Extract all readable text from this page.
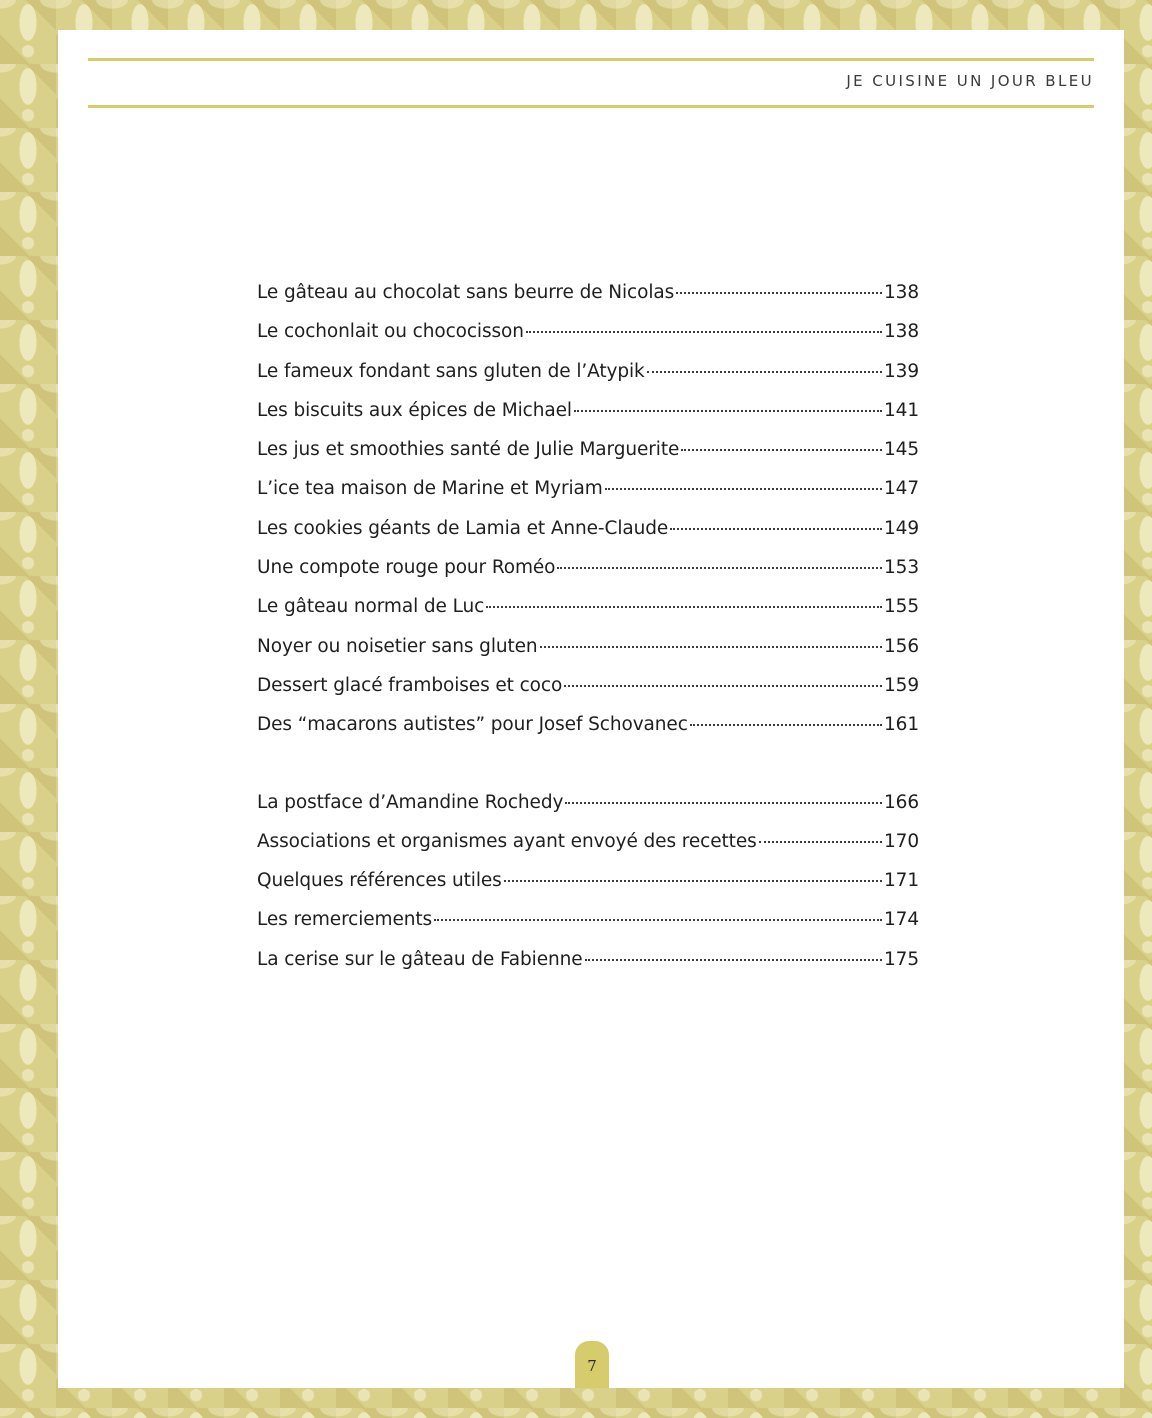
JE CUISINE UN JOUR BLEU
Le gâteau au chocolat sans beurre de Nicolas	138
Le cochonlait ou chococisson	138
Le fameux fondant sans gluten de l’Atypik	139
Les biscuits aux épices de Michael	141
Les jus et smoothies santé de Julie Marguerite	145
L’ice tea maison de Marine et Myriam	147
Les cookies géants de Lamia et Anne-Claude	149
Une compote rouge pour Roméo	153
Le gâteau normal de Luc	155
Noyer ou noisetier sans gluten	156
Dessert glacé framboises et coco	159
Des “macarons autistes” pour Josef Schovanec	161
La postface d’Amandine Rochedy	166
Associations et organismes ayant envoyé des recettes	170
Quelques références utiles	171
Les remerciements	174
La cerise sur le gâteau de Fabienne	175
7
